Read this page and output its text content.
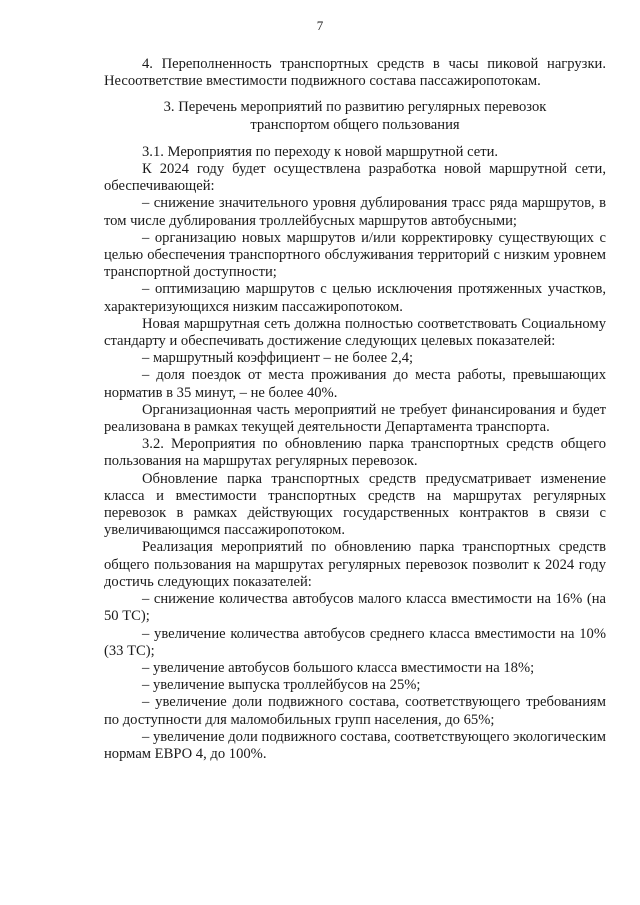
7

4. Переполненность транспортных средств в часы пиковой нагрузки. Несоответствие вместимости подвижного состава пассажиропотокам.

3. Перечень мероприятий по развитию регулярных перевозок
транспортом общего пользования

3.1. Мероприятия по переходу к новой маршрутной сети.

К 2024 году будет осуществлена разработка новой маршрутной сети, обеспечивающей:

– снижение значительного уровня дублирования трасс ряда маршрутов, в том числе дублирования троллейбусных маршрутов автобусными;

– организацию новых маршрутов и/или корректировку существующих с целью обеспечения транспортного обслуживания территорий с низким уровнем транспортной доступности;

– оптимизацию маршрутов с целью исключения протяженных участков, характеризующихся низким пассажиропотоком.

Новая маршрутная сеть должна полностью соответствовать Социальному стандарту и обеспечивать достижение следующих целевых показателей:

– маршрутный коэффициент – не более 2,4;

– доля поездок от места проживания до места работы, превышающих норматив в 35 минут, – не более 40%.

Организационная часть мероприятий не требует финансирования и будет реализована в рамках текущей деятельности Департамента транспорта.

3.2. Мероприятия по обновлению парка транспортных средств общего пользования на маршрутах регулярных перевозок.

Обновление парка транспортных средств предусматривает изменение класса и вместимости транспортных средств на маршрутах регулярных перевозок в рамках действующих государственных контрактов в связи с увеличивающимся пассажиропотоком.

Реализация мероприятий по обновлению парка транспортных средств общего пользования на маршрутах регулярных перевозок позволит к 2024 году достичь следующих показателей:

– снижение количества автобусов малого класса вместимости на 16% (на 50 ТС);

– увеличение количества автобусов среднего класса вместимости на 10% (33 ТС);

– увеличение автобусов большого класса вместимости на 18%;

– увеличение выпуска троллейбусов на 25%;

– увеличение доли подвижного состава, соответствующего требованиям по доступности для маломобильных групп населения, до 65%;

– увеличение доли подвижного состава, соответствующего экологическим нормам ЕВРО 4, до 100%.
